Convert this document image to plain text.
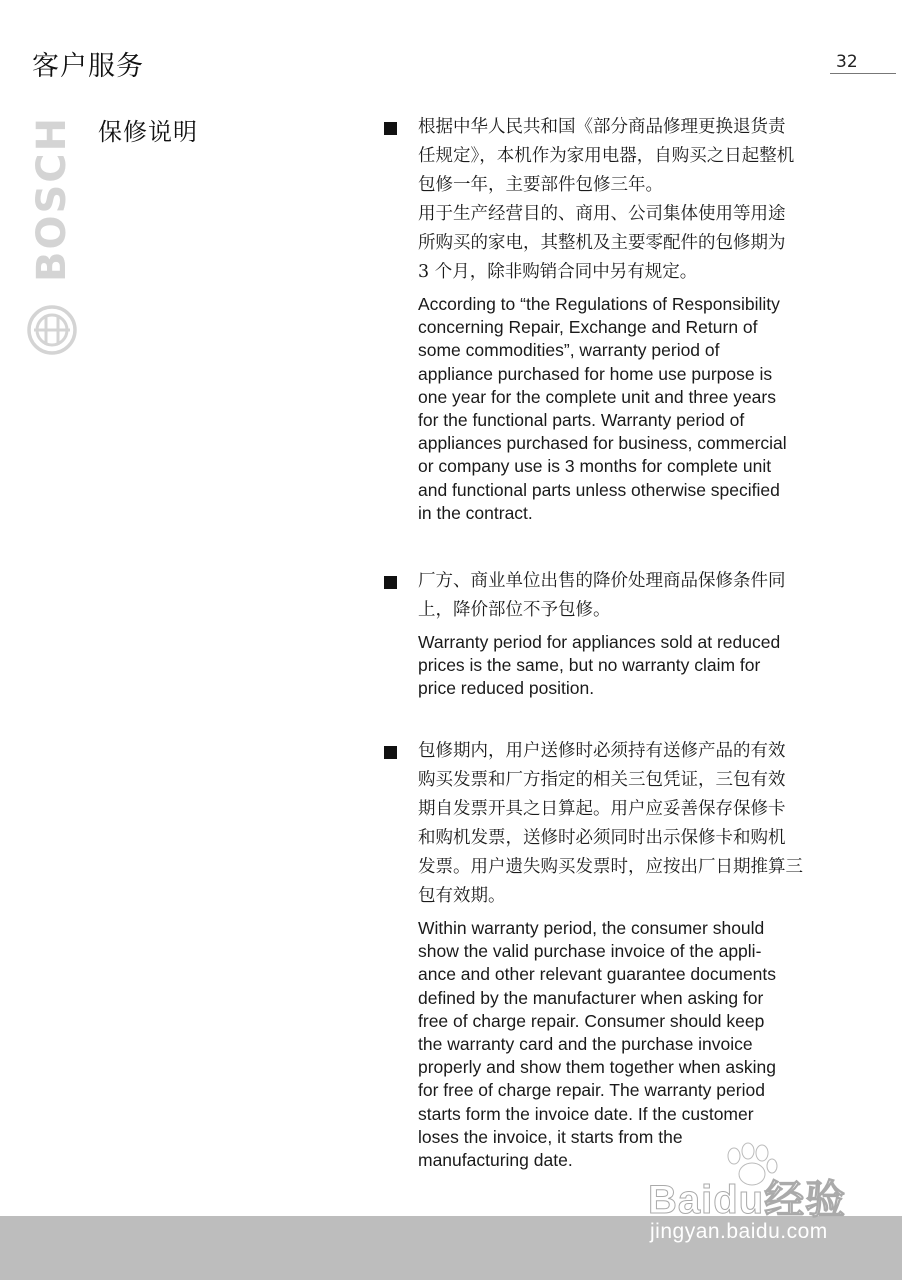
客户服务	32
BOSCH 保修说明	根据中华人民共和国《部分商品修理更换退货责
任规定》，本机作为家用电器，自购买之日起整机
包修一年，主要部件包修三年。
用于生产经营目的、商用、公司集体使用等用途
所购买的家电，其整机及主要零配件的包修期为
3 个月，除非购销合同中另有规定。
According to “the Regulations of Responsibility
concerning Repair, Exchange and Return of
some commodities”, warranty period of
appliance purchased for home use purpose is
one year for the complete unit and three years
for the functional parts. Warranty period of
appliances purchased for business, commercial
or company use is 3 months for complete unit
and functional parts unless otherwise specified
in the contract.
厂方、商业单位出售的降价处理商品保修条件同
上，降价部位不予包修。
Warranty period for appliances sold at reduced
prices is the same, but no warranty claim for
price reduced position.
包修期内，用户送修时必须持有送修产品的有效
购买发票和厂方指定的相关三包凭证，三包有效
期自发票开具之日算起。用户应妥善保存保修卡
和购机发票，送修时必须同时出示保修卡和购机
发票。用户遗失购买发票时，应按出厂日期推算三
包有效期。
Within warranty period, the consumer should
show the valid purchase invoice of the appli-
ance and other relevant guarantee documents
defined by the manufacturer when asking for
free of charge repair. Consumer should keep
the warranty card and the purchase invoice
properly and show them together when asking
for free of charge repair. The warranty period
starts form the invoice date. If the customer
loses the invoice, it starts from the
manufacturing date.
Baidu经验
jingyan.baidu.com
